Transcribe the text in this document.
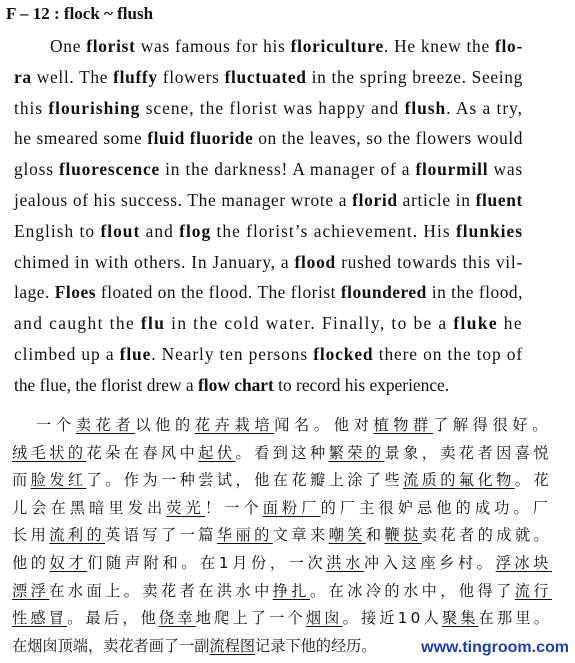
F – 12 : flock ~ flush
One florist was famous for his floriculture. He knew the flo-
ra well. The fluffy flowers fluctuated in the spring breeze. Seeing
this flourishing scene, the florist was happy and flush. As a try,
he smeared some fluid fluoride on the leaves, so the flowers would
gloss fluorescence in the darkness! A manager of a flourmill was
jealous of his success. The manager wrote a florid article in fluent
English to flout and flog the florist’s achievement. His flunkies
chimed in with others. In January, a flood rushed towards this vil-
lage. Floes floated on the flood. The florist floundered in the flood,
and caught the flu in the cold water. Finally, to be a fluke he
climbed up a flue. Nearly ten persons flocked there on the top of
the flue, the florist drew a flow chart to record his experience.
一个卖花者以他的花卉栽培闻名。他对植物群了解得很好。
绒毛状的花朵在春风中起伏。看到这种繁荣的景象，卖花者因喜悦
而脸发红了。作为一种尝试，他在花瓣上涂了些流质的氟化物。花
儿会在黑暗里发出荧光！一个面粉厂的厂主很妒忌他的成功。厂
长用流利的英语写了一篇华丽的文章来嘲笑和鞭挞卖花者的成就。
他的奴才们随声附和。在1月份，一次洪水冲入这座乡村。浮冰块
漂浮在水面上。卖花者在洪水中挣扎。在冰冷的水中，他得了流行
性感冒。最后，他侥幸地爬上了一个烟囱。接近10人聚集在那里。
在烟囱顶端，卖花者画了一副流程图记录下他的经历。	www.tingroom.com
